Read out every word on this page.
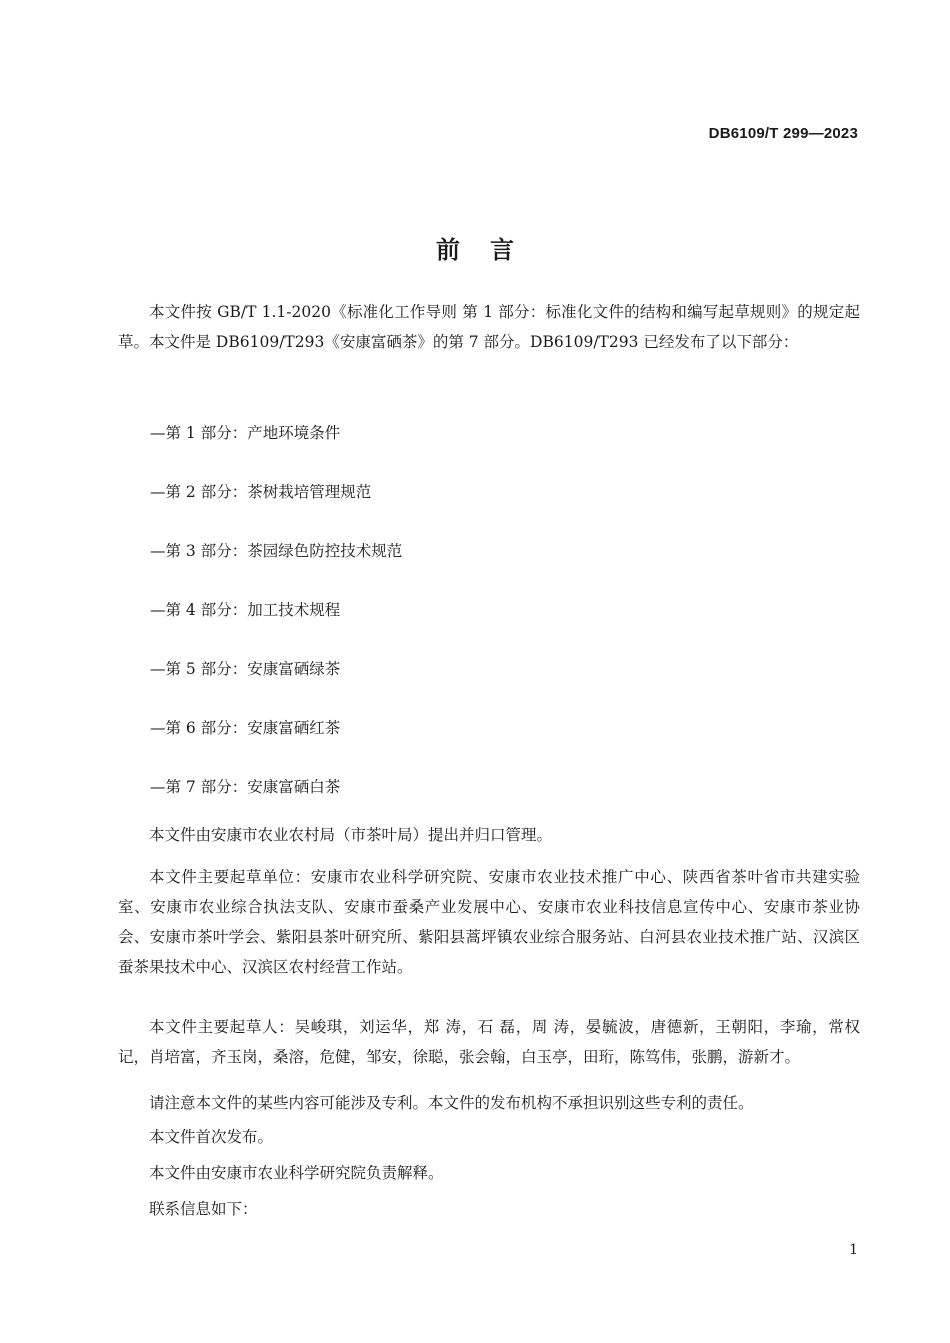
DB6109/T 299—2023
前言

本文件按 GB/T 1.1-2020《标准化工作导则 第 1 部分：标准化文件的结构和编写起草规则》的规定起草。本文件是 DB6109/T293《安康富硒茶》的第 7 部分。DB6109/T293 已经发布了以下部分：

—第 1 部分：产地环境条件
—第 2 部分：茶树栽培管理规范
—第 3 部分：茶园绿色防控技术规范
—第 4 部分：加工技术规程
—第 5 部分：安康富硒绿茶
—第 6 部分：安康富硒红茶
—第 7 部分：安康富硒白茶

本文件由安康市农业农村局（市茶叶局）提出并归口管理。

本文件主要起草单位：安康市农业科学研究院、安康市农业技术推广中心、陕西省茶叶省市共建实验室、安康市农业综合执法支队、安康市蚕桑产业发展中心、安康市农业科技信息宣传中心、安康市茶业协会、安康市茶叶学会、紫阳县茶叶研究所、紫阳县蒿坪镇农业综合服务站、白河县农业技术推广站、汉滨区蚕茶果技术中心、汉滨区农村经营工作站。

本文件主要起草人：吴峻琪，刘运华，郑 涛，石 磊，周 涛，晏毓波，唐德新，王朝阳，李瑜，常权记，肖培富，齐玉岗，桑溶，危健，邹安，徐聪，张会翰，白玉亭，田珩，陈笃伟，张鹏，游新才。

请注意本文件的某些内容可能涉及专利。本文件的发布机构不承担识别这些专利的责任。

本文件首次发布。

本文件由安康市农业科学研究院负责解释。

联系信息如下：

1
